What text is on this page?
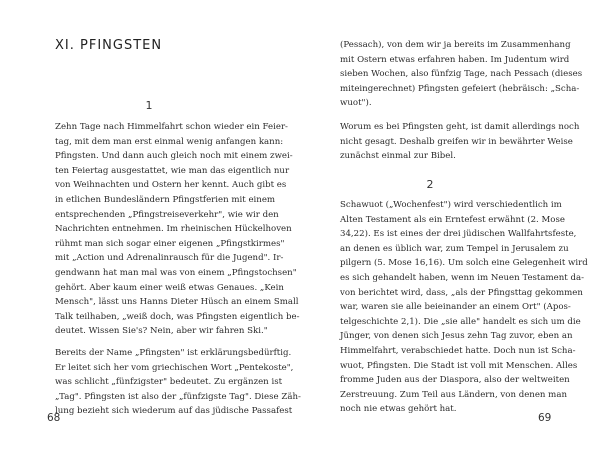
XI. PFINGSTEN

1

Zehn Tage nach Himmelfahrt schon wieder ein Feier-
tag, mit dem man erst einmal wenig anfangen kann:
Pfingsten. Und dann auch gleich noch mit einem zwei-
ten Feiertag ausgestattet, wie man das eigentlich nur
von Weihnachten und Ostern her kennt. Auch gibt es
in etlichen Bundesländern Pfingstferien mit einem
entsprechenden „Pfingstreiseverkehr", wie wir den
Nachrichten entnehmen. Im rheinischen Hückelhoven
rühmt man sich sogar einer eigenen „Pfingstkirmes"
mit „Action und Adrenalinrausch für die Jugend". Ir-
gendwann hat man mal was von einem „Pfingstochsen"
gehört. Aber kaum einer weiß etwas Genaues. „Kein
Mensch", lässt uns Hanns Dieter Hüsch an einem Small
Talk teilhaben, „weiß doch, was Pfingsten eigentlich be-
deutet. Wissen Sie's? Nein, aber wir fahren Ski."
Bereits der Name „Pfingsten" ist erklärungsbedürftig.
Er leitet sich her vom griechischen Wort „Pentekoste",
was schlicht „fünfzigster" bedeutet. Zu ergänzen ist
„Tag". Pfingsten ist also der „fünfzigste Tag". Diese Zäh-
lung bezieht sich wiederum auf das jüdische Passafest

68

(Pessach), von dem wir ja bereits im Zusammenhang
mit Ostern etwas erfahren haben. Im Judentum wird
sieben Wochen, also fünfzig Tage, nach Pessach (dieses
miteingerechnet) Pfingsten gefeiert (hebräisch: „Scha-
wuot").
Worum es bei Pfingsten geht, ist damit allerdings noch
nicht gesagt. Deshalb greifen wir in bewährter Weise
zunächst einmal zur Bibel.

2

Schawuot („Wochenfest") wird verschiedentlich im
Alten Testament als ein Erntefest erwähnt (2. Mose
34,22). Es ist eines der drei jüdischen Wallfahrtsfeste,
an denen es üblich war, zum Tempel in Jerusalem zu
pilgern (5. Mose 16,16). Um solch eine Gelegenheit wird
es sich gehandelt haben, wenn im Neuen Testament da-
von berichtet wird, dass, „als der Pfingsttag gekommen
war, waren sie alle beieinander an einem Ort" (Apos-
telgeschichte 2,1). Die „sie alle" handelt es sich um die
Jünger, von denen sich Jesus zehn Tag zuvor, eben an
Himmelfahrt, verabschiedet hatte. Doch nun ist Scha-
wuot, Pfingsten. Die Stadt ist voll mit Menschen. Alles
fromme Juden aus der Diaspora, also der weltweiten
Zerstreuung. Zum Teil aus Ländern, von denen man
noch nie etwas gehört hat.

69
